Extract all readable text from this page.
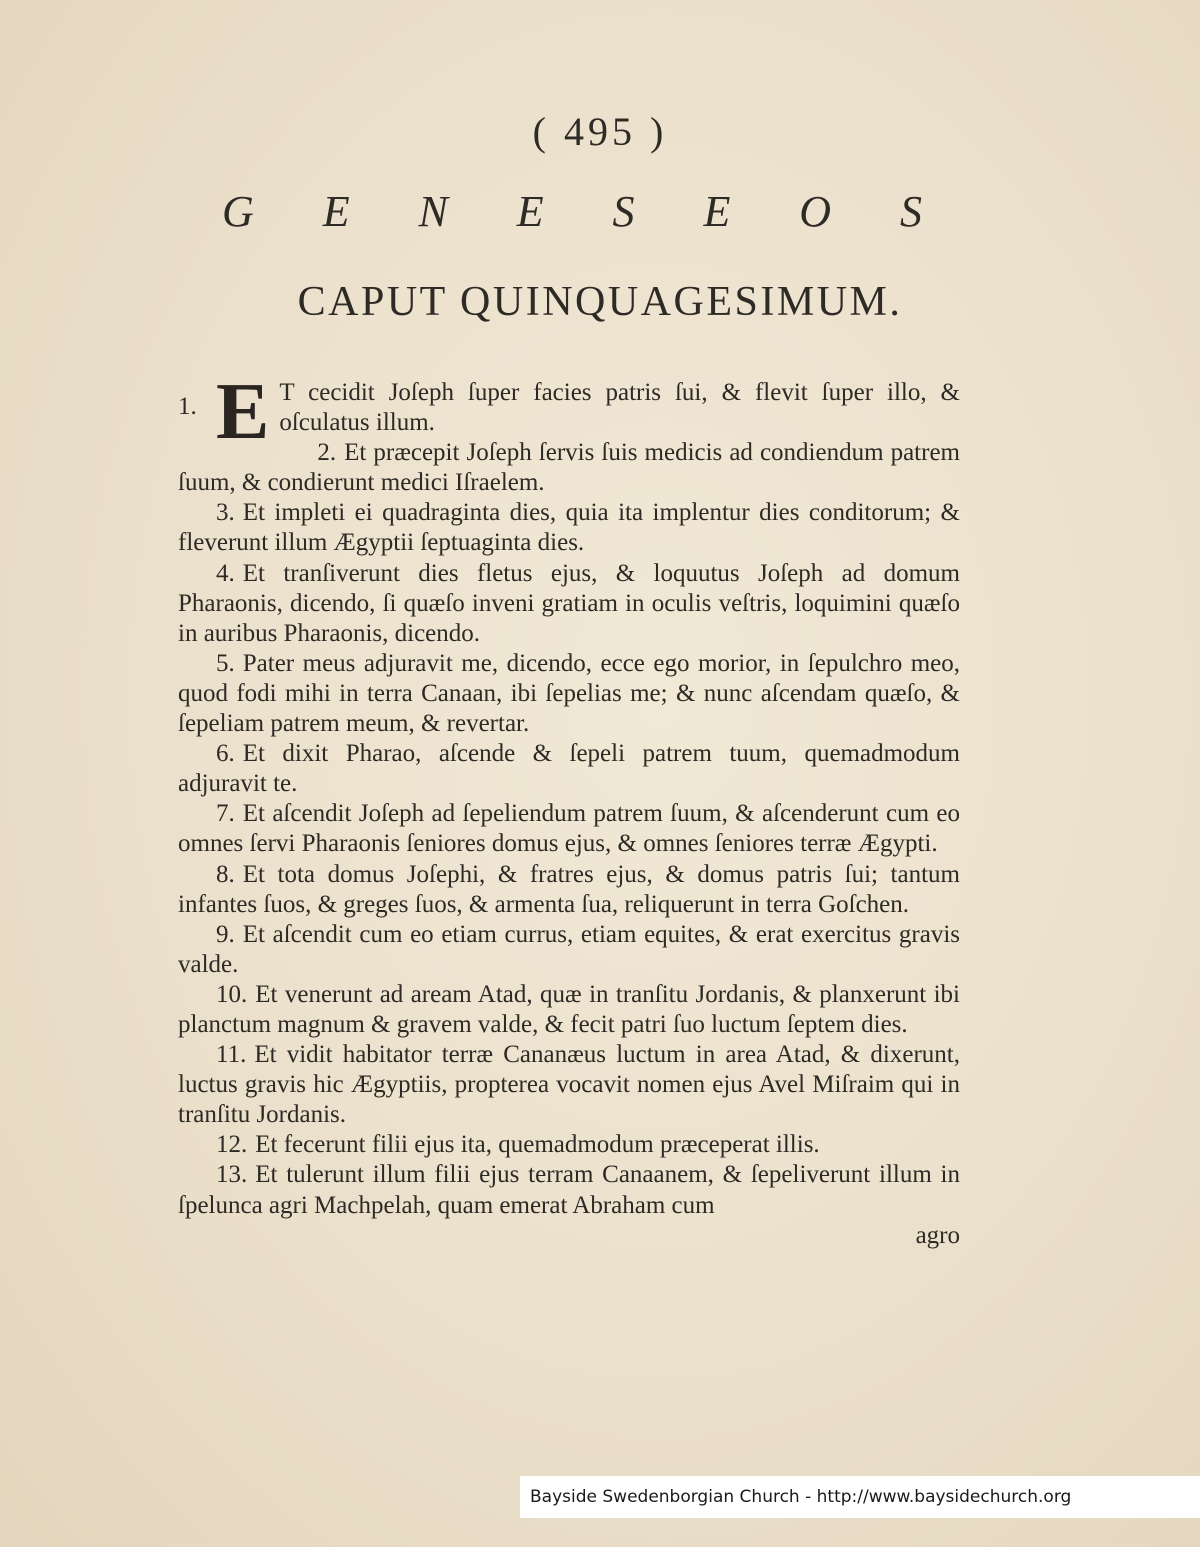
( 495 )
G E N E S E O S
CAPUT QUINQUAGESIMUM.

1. E T cecidit Joſeph ſuper facies patris ſui, & flevit ſuper illo, & oſculatus illum.

2. Et præcepit Joſeph ſervis ſuis medicis ad condiendum patrem ſuum, & condierunt medici Iſraelem.

3. Et impleti ei quadraginta dies, quia ita implentur dies conditorum; & fleverunt illum Ægyptii ſeptuaginta dies.

4. Et tranſiverunt dies fletus ejus, & loquutus Joſeph ad domum Pharaonis, dicendo, ſi quæſo inveni gratiam in oculis veſtris, loquimini quæſo in auribus Pharaonis, dicendo.

5. Pater meus adjuravit me, dicendo, ecce ego morior, in ſepulchro meo, quod fodi mihi in terra Canaan, ibi ſepelias me; & nunc aſcendam quæſo, & ſepeliam patrem meum, & revertar.

6. Et dixit Pharao, aſcende & ſepeli patrem tuum, quemadmodum adjuravit te.

7. Et aſcendit Joſeph ad ſepeliendum patrem ſuum, & aſcenderunt cum eo omnes ſervi Pharaonis ſeniores domus ejus, & omnes ſeniores terræ Ægypti.

8. Et tota domus Joſephi, & fratres ejus, & domus patris ſui; tantum infantes ſuos, & greges ſuos, & armenta ſua, reliquerunt in terra Goſchen.

9. Et aſcendit cum eo etiam currus, etiam equites, & erat exercitus gravis valde.

10. Et venerunt ad aream Atad, quæ in tranſitu Jordanis, & planxerunt ibi planctum magnum & gravem valde, & fecit patri ſuo luctum ſeptem dies.

11. Et vidit habitator terræ Cananæus luctum in area Atad, & dixerunt, luctus gravis hic Ægyptiis, propterea vocavit nomen ejus Avel Miſraim qui in tranſitu Jordanis.

12. Et fecerunt filii ejus ita, quemadmodum præceperat illis.

13. Et tulerunt illum filii ejus terram Canaanem, & ſepeliverunt illum in ſpelunca agri Machpelah, quam emerat Abraham cum

agro

Bayside Swedenborgian Church - http://www.baysidechurch.org
